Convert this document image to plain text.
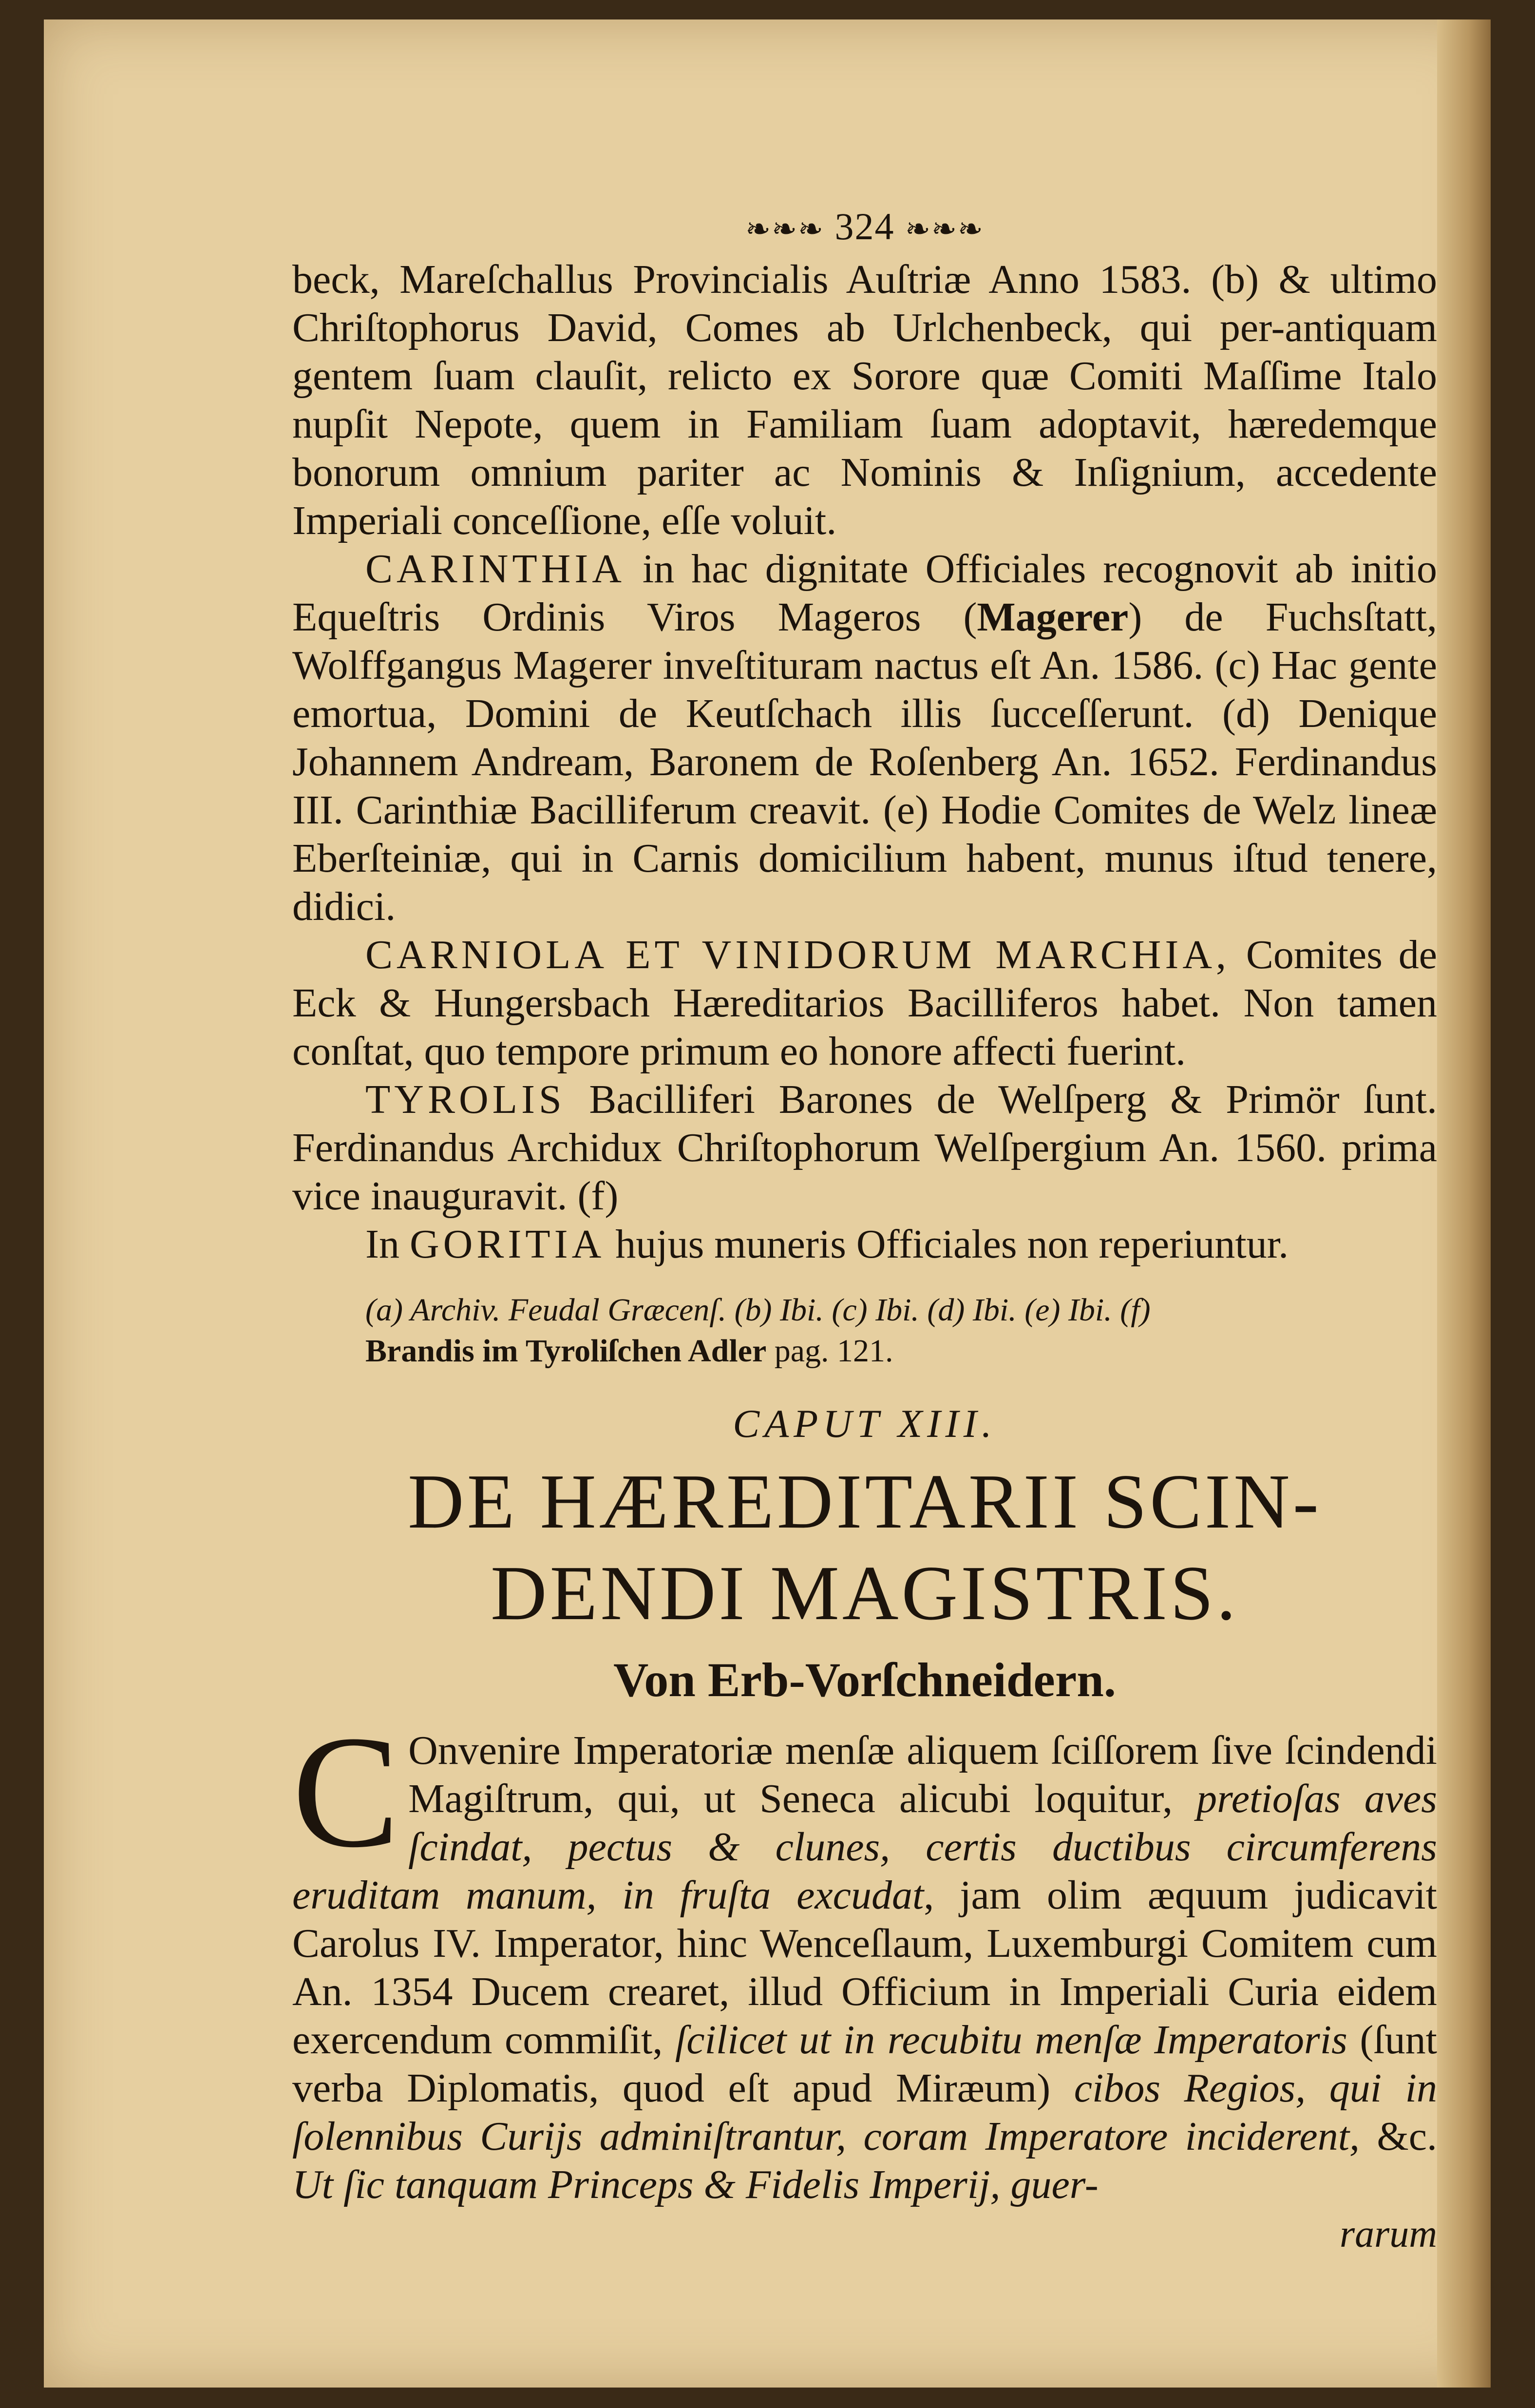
❧❧❧ 324 ❧❧❧

beck, Mareſchallus Provincialis Auſtriæ Anno 1583. (b) & ultimo Chriſtophorus David, Comes ab Urlchenbeck, qui per-antiquam gentem ſuam clauſit, relicto ex Sorore quæ Comiti Maſſime Italo nupſit Nepote, quem in Familiam ſuam adoptavit, hæredemque bonorum omnium pariter ac Nominis & Inſignium, accedente Imperiali conceſſione, eſſe voluit.

CARINTHIA in hac dignitate Officiales recognovit ab initio Equeſtris Ordinis Viros Mageros (Magerer) de Fuchsſtatt, Wolffgangus Magerer inveſtituram nactus eſt An. 1586. (c) Hac gente emortua, Domini de Keutſchach illis ſucceſſerunt. (d) Denique Johannem Andream, Baronem de Roſenberg An. 1652. Ferdinandus III. Carinthiæ Bacilliferum creavit. (e) Hodie Comites de Welz lineæ Eberſteiniæ, qui in Carnis domicilium habent, munus iſtud tenere, didici.

CARNIOLA ET VINIDORUM MARCHIA, Comites de Eck & Hungersbach Hæreditarios Bacilliferos habet. Non tamen conſtat, quo tempore primum eo honore affecti fuerint.

TYROLIS Bacilliferi Barones de Welſperg & Primör ſunt. Ferdinandus Archidux Chriſtophorum Welſpergium An. 1560. prima vice inauguravit. (f)

In GORITIA hujus muneris Officiales non reperiuntur.

(a) Archiv. Feudal Græcenſ. (b) Ibi. (c) Ibi. (d) Ibi. (e) Ibi. (f)
Brandis im Tyroliſchen Adler pag. 121.
CAPUT XIII.
DE HÆREDITARII SCIN-
DENDI MAGISTRIS.
Von Erb-Vorſchneidern.
C Onvenire Imperatoriæ menſæ aliquem ſciſſorem ſive ſcindendi Magiſtrum, qui, ut Seneca alicubi loquitur, pretioſas aves ſcindat, pectus & clunes, certis ductibus circumferens eruditam manum, in fruſta excudat, jam olim æquum judicavit Carolus IV. Imperator, hinc Wenceſlaum, Luxemburgi Comitem cum An. 1354 Ducem crearet, illud Officium in Imperiali Curia eidem exercendum commiſit, ſcilicet ut in recubitu menſæ Imperatoris (ſunt verba Diplomatis, quod eſt apud Miræum) cibos Regios, qui in ſolennibus Curijs adminiſtrantur, coram Imperatore inciderent, &c. Ut ſic tanquam Princeps & Fidelis Imperij, guer-
rarum
